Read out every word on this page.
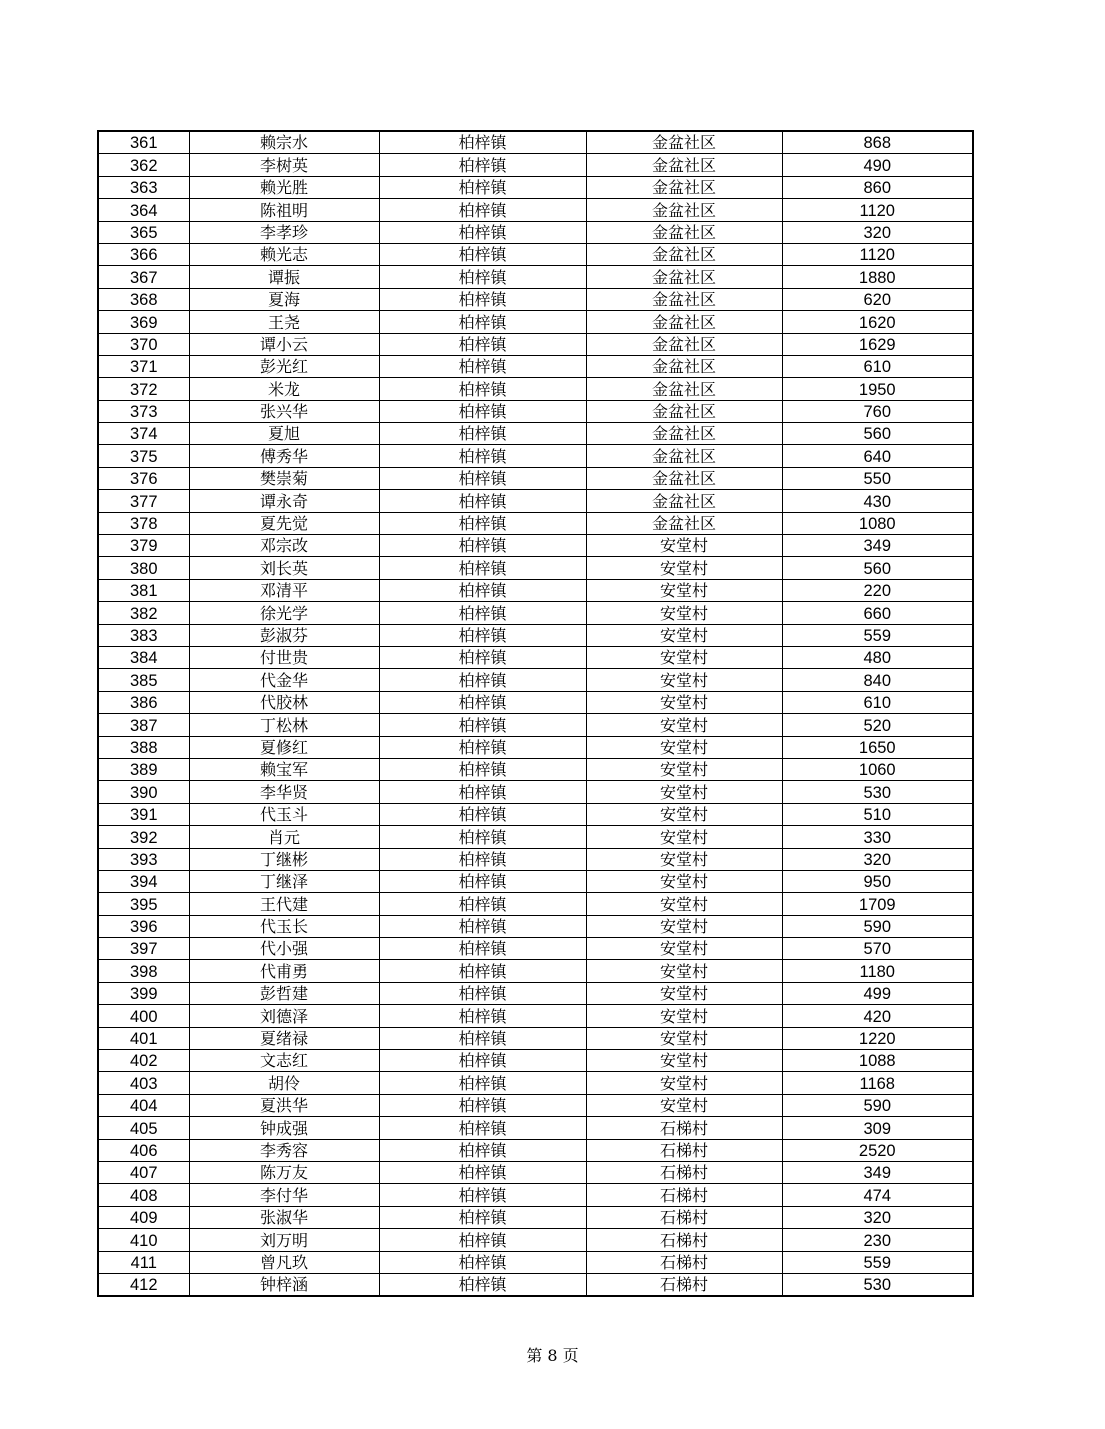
361	赖宗水	柏梓镇	金盆社区	868
362	李树英	柏梓镇	金盆社区	490
363	赖光胜	柏梓镇	金盆社区	860
364	陈祖明	柏梓镇	金盆社区	1120
365	李孝珍	柏梓镇	金盆社区	320
366	赖光志	柏梓镇	金盆社区	1120
367	谭振	柏梓镇	金盆社区	1880
368	夏海	柏梓镇	金盆社区	620
369	王尧	柏梓镇	金盆社区	1620
370	谭小云	柏梓镇	金盆社区	1629
371	彭光红	柏梓镇	金盆社区	610
372	米龙	柏梓镇	金盆社区	1950
373	张兴华	柏梓镇	金盆社区	760
374	夏旭	柏梓镇	金盆社区	560
375	傅秀华	柏梓镇	金盆社区	640
376	樊崇菊	柏梓镇	金盆社区	550
377	谭永奇	柏梓镇	金盆社区	430
378	夏先觉	柏梓镇	金盆社区	1080
379	邓宗改	柏梓镇	安堂村	349
380	刘长英	柏梓镇	安堂村	560
381	邓清平	柏梓镇	安堂村	220
382	徐光学	柏梓镇	安堂村	660
383	彭淑芬	柏梓镇	安堂村	559
384	付世贵	柏梓镇	安堂村	480
385	代金华	柏梓镇	安堂村	840
386	代胶林	柏梓镇	安堂村	610
387	丁松林	柏梓镇	安堂村	520
388	夏修红	柏梓镇	安堂村	1650
389	赖宝军	柏梓镇	安堂村	1060
390	李华贤	柏梓镇	安堂村	530
391	代玉斗	柏梓镇	安堂村	510
392	肖元	柏梓镇	安堂村	330
393	丁继彬	柏梓镇	安堂村	320
394	丁继泽	柏梓镇	安堂村	950
395	王代建	柏梓镇	安堂村	1709
396	代玉长	柏梓镇	安堂村	590
397	代小强	柏梓镇	安堂村	570
398	代甫勇	柏梓镇	安堂村	1180
399	彭哲建	柏梓镇	安堂村	499
400	刘德泽	柏梓镇	安堂村	420
401	夏绪禄	柏梓镇	安堂村	1220
402	文志红	柏梓镇	安堂村	1088
403	胡伶	柏梓镇	安堂村	1168
404	夏洪华	柏梓镇	安堂村	590
405	钟成强	柏梓镇	石梯村	309
406	李秀容	柏梓镇	石梯村	2520
407	陈万友	柏梓镇	石梯村	349
408	李付华	柏梓镇	石梯村	474
409	张淑华	柏梓镇	石梯村	320
410	刘万明	柏梓镇	石梯村	230
411	曾凡玖	柏梓镇	石梯村	559
412	钟梓涵	柏梓镇	石梯村	530
第 8 页
